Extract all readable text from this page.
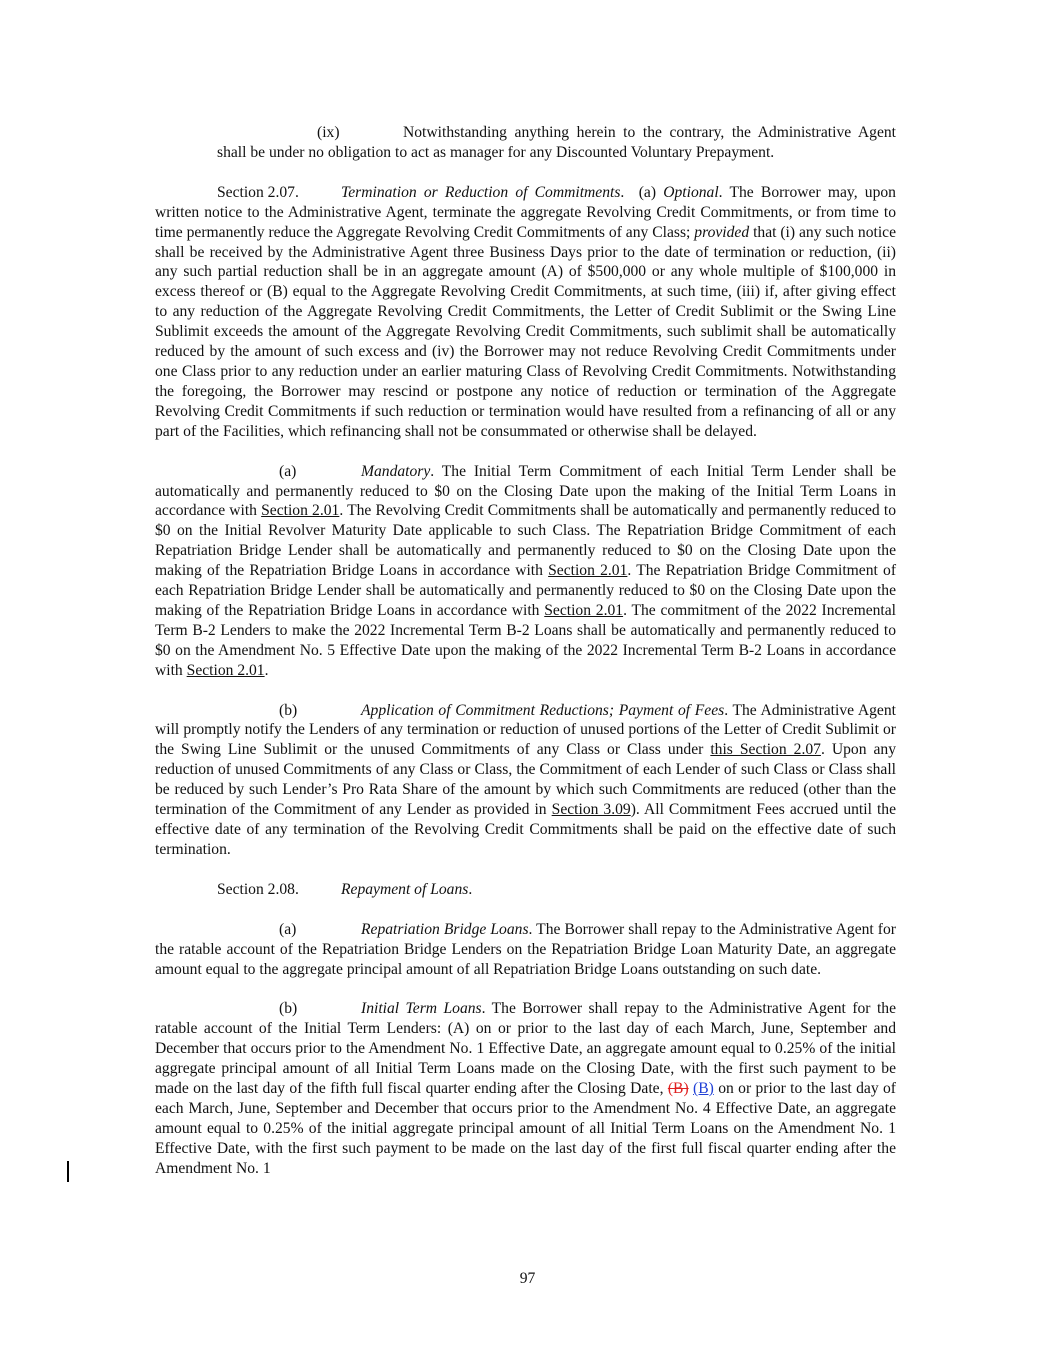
(ix)	Notwithstanding anything herein to the contrary, the Administrative Agent shall be under no obligation to act as manager for any Discounted Voluntary Prepayment.

Section 2.07.	Termination or Reduction of Commitments.  (a) Optional. The Borrower may, upon written notice to the Administrative Agent, terminate the aggregate Revolving Credit Commitments, or from time to time permanently reduce the Aggregate Revolving Credit Commitments of any Class; provided that (i) any such notice shall be received by the Administrative Agent three Business Days prior to the date of termination or reduction, (ii) any such partial reduction shall be in an aggregate amount (A) of $500,000 or any whole multiple of $100,000 in excess thereof or (B) equal to the Aggregate Revolving Credit Commitments, at such time, (iii) if, after giving effect to any reduction of the Aggregate Revolving Credit Commitments, the Letter of Credit Sublimit or the Swing Line Sublimit exceeds the amount of the Aggregate Revolving Credit Commitments, such sublimit shall be automatically reduced by the amount of such excess and (iv) the Borrower may not reduce Revolving Credit Commitments under one Class prior to any reduction under an earlier maturing Class of Revolving Credit Commitments. Notwithstanding the foregoing, the Borrower may rescind or postpone any notice of reduction or termination of the Aggregate Revolving Credit Commitments if such reduction or termination would have resulted from a refinancing of all or any part of the Facilities, which refinancing shall not be consummated or otherwise shall be delayed.

(a)	Mandatory. The Initial Term Commitment of each Initial Term Lender shall be automatically and permanently reduced to $0 on the Closing Date upon the making of the Initial Term Loans in accordance with Section 2.01. The Revolving Credit Commitments shall be automatically and permanently reduced to $0 on the Initial Revolver Maturity Date applicable to such Class. The Repatriation Bridge Commitment of each Repatriation Bridge Lender shall be automatically and permanently reduced to $0 on the Closing Date upon the making of the Repatriation Bridge Loans in accordance with Section 2.01. The Repatriation Bridge Commitment of each Repatriation Bridge Lender shall be automatically and permanently reduced to $0 on the Closing Date upon the making of the Repatriation Bridge Loans in accordance with Section 2.01. The commitment of the 2022 Incremental Term B-2 Lenders to make the 2022 Incremental Term B-2 Loans shall be automatically and permanently reduced to $0 on the Amendment No. 5 Effective Date upon the making of the 2022 Incremental Term B-2 Loans in accordance with Section 2.01.

(b)	Application of Commitment Reductions; Payment of Fees. The Administrative Agent will promptly notify the Lenders of any termination or reduction of unused portions of the Letter of Credit Sublimit or the Swing Line Sublimit or the unused Commitments of any Class or Class under this Section 2.07. Upon any reduction of unused Commitments of any Class or Class, the Commitment of each Lender of such Class or Class shall be reduced by such Lender’s Pro Rata Share of the amount by which such Commitments are reduced (other than the termination of the Commitment of any Lender as provided in Section 3.09). All Commitment Fees accrued until the effective date of any termination of the Revolving Credit Commitments shall be paid on the effective date of such termination.

Section 2.08.	Repayment of Loans.

(a)	Repatriation Bridge Loans. The Borrower shall repay to the Administrative Agent for the ratable account of the Repatriation Bridge Lenders on the Repatriation Bridge Loan Maturity Date, an aggregate amount equal to the aggregate principal amount of all Repatriation Bridge Loans outstanding on such date.

(b)	Initial Term Loans. The Borrower shall repay to the Administrative Agent for the ratable account of the Initial Term Lenders: (A) on or prior to the last day of each March, June, September and December that occurs prior to the Amendment No. 1 Effective Date, an aggregate amount equal to 0.25% of the initial aggregate principal amount of all Initial Term Loans made on the Closing Date, with the first such payment to be made on the last day of the fifth full fiscal quarter ending after the Closing Date, (B) (B) on or prior to the last day of each March, June, September and December that occurs prior to the Amendment No. 4 Effective Date, an aggregate amount equal to 0.25% of the initial aggregate principal amount of all Initial Term Loans on the Amendment No. 1 Effective Date, with the first such payment to be made on the last day of the first full fiscal quarter ending after the Amendment No. 1

97
